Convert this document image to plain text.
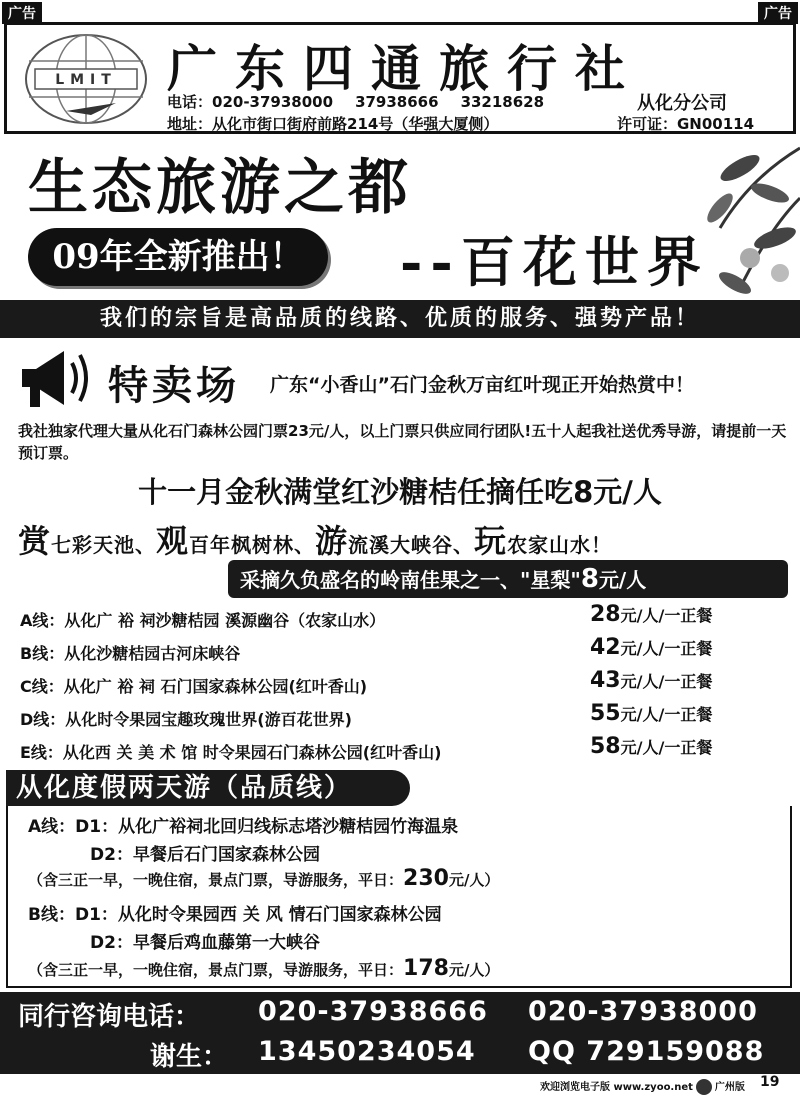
广告	广告
LMIT 广东四通旅行社
电话：020-37938000 37938666 33218628
地址：从化市街口街府前路214号（华强大厦侧）
从化分公司
许可证：GN00114
生态旅游之都
09年全新推出！	--百花世界
我们的宗旨是高品质的线路、优质的服务、强势产品！
特卖场 广东“小香山”石门金秋万亩红叶现正开始热赏中！
我社独家代理大量从化石门森林公园门票23元/人，以上门票只供应同行团队!五十人起我社送优秀导游，请提前一天预订票。
十一月金秋满堂红沙糖桔任摘任吃8元/人
赏七彩天池、观百年枫树林、游流溪大峡谷、玩农家山水！
采摘久负盛名的岭南佳果之一、"星梨"8元/人
A线：从化广 裕 祠沙糖桔园 溪源幽谷（农家山水）	28元/人/一正餐
B线：从化沙糖桔园古河床峡谷	42元/人/一正餐
C线：从化广 裕 祠 石门国家森林公园(红叶香山)	43元/人/一正餐
D线：从化时令果园宝趣玫瑰世界(游百花世界)	55元/人/一正餐
E线：从化西 关 美 术 馆 时令果园石门森林公园(红叶香山)	58元/人/一正餐
从化度假两天游（品质线）
A线：D1：从化广裕祠北回归线标志塔沙糖桔园竹海温泉
D2：早餐后石门国家森林公园
（含三正一早，一晚住宿，景点门票，导游服务，平日：230元/人）
B线：D1：从化时令果园西 关 风 情石门国家森林公园
D2：早餐后鸡血藤第一大峡谷
（含三正一早，一晚住宿，景点门票，导游服务，平日：178元/人）
同行咨询电话： 020-37938666 020-37938000
谢生： 13450234054 QQ 729159088
欢迎浏览电子版 www.zyoo.net 广州版 19
